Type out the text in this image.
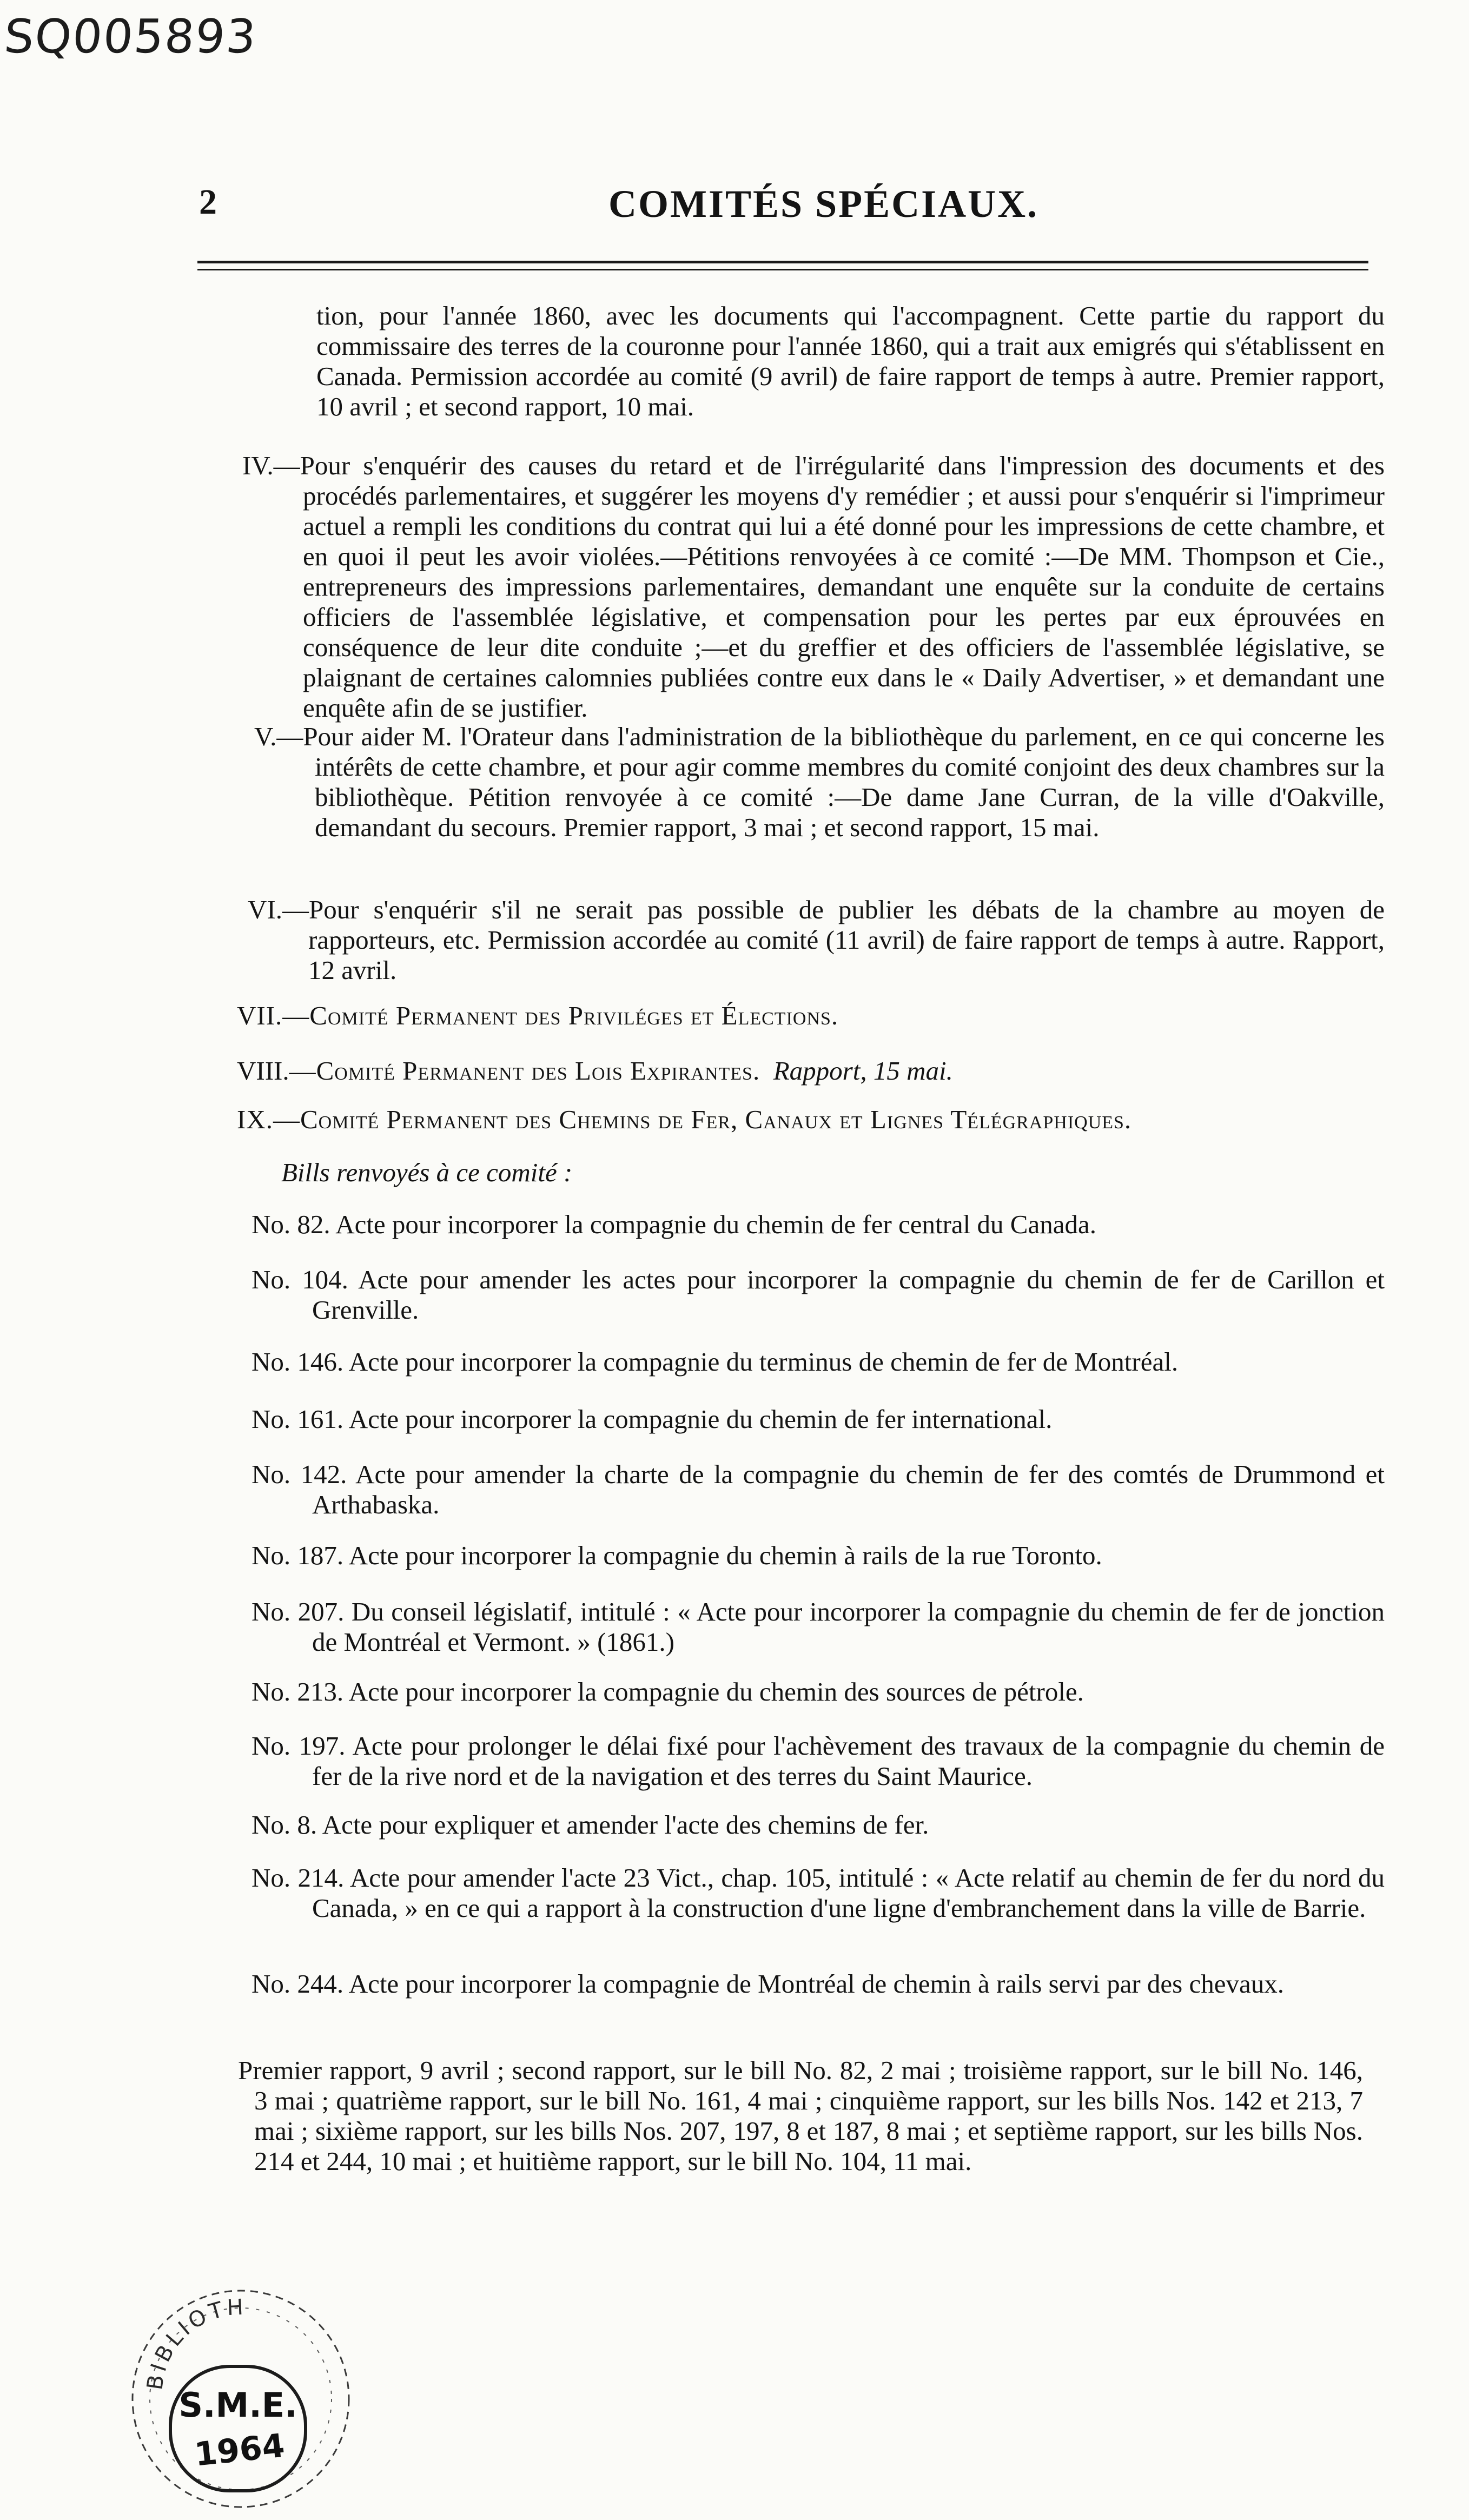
SQ005893
2	COMITÉS SPÉCIAUX.

tion, pour l'année 1860, avec les documents qui l'accompagnent. Cette partie du rapport du commissaire des terres de la couronne pour l'année 1860, qui a trait aux emigrés qui s'établissent en Canada. Permission accordée au comité (9 avril) de faire rapport de temps à autre. Premier rapport, 10 avril ; et second rapport, 10 mai.

IV.—Pour s'enquérir des causes du retard et de l'irrégularité dans l'impression des documents et des procédés parlementaires, et suggérer les moyens d'y remédier ; et aussi pour s'enquérir si l'imprimeur actuel a rempli les conditions du contrat qui lui a été donné pour les impressions de cette chambre, et en quoi il peut les avoir violées.—Pétitions renvoyées à ce comité :—De MM. Thompson et Cie., entrepreneurs des impressions parlementaires, demandant une enquête sur la conduite de certains officiers de l'assemblée législative, et compensation pour les pertes par eux éprouvées en conséquence de leur dite conduite ;—et du greffier et des officiers de l'assemblée législative, se plaignant de certaines calomnies publiées contre eux dans le « Daily Advertiser, » et demandant une enquête afin de se justifier.

V.—Pour aider M. l'Orateur dans l'administration de la bibliothèque du parlement, en ce qui concerne les intérêts de cette chambre, et pour agir comme membres du comité conjoint des deux chambres sur la bibliothèque. Pétition renvoyée à ce comité :—De dame Jane Curran, de la ville d'Oakville, demandant du secours. Premier rapport, 3 mai ; et second rapport, 15 mai.

VI.—Pour s'enquérir s'il ne serait pas possible de publier les débats de la chambre au moyen de rapporteurs, etc. Permission accordée au comité (11 avril) de faire rapport de temps à autre. Rapport, 12 avril.

VII.—Comité Permanent des Priviléges et Élections.

VIII.—Comité Permanent des Lois Expirantes. Rapport, 15 mai.

IX.—Comité Permanent des Chemins de Fer, Canaux et Lignes Télégraphiques.

Bills renvoyés à ce comité :

No. 82. Acte pour incorporer la compagnie du chemin de fer central du Canada.

No. 104. Acte pour amender les actes pour incorporer la compagnie du chemin de fer de Carillon et Grenville.

No. 146. Acte pour incorporer la compagnie du terminus de chemin de fer de Montréal.

No. 161. Acte pour incorporer la compagnie du chemin de fer international.

No. 142. Acte pour amender la charte de la compagnie du chemin de fer des comtés de Drummond et Arthabaska.

No. 187. Acte pour incorporer la compagnie du chemin à rails de la rue Toronto.

No. 207. Du conseil législatif, intitulé : « Acte pour incorporer la compagnie du chemin de fer de jonction de Montréal et Vermont. » (1861.)

No. 213. Acte pour incorporer la compagnie du chemin des sources de pétrole.

No. 197. Acte pour prolonger le délai fixé pour l'achèvement des travaux de la compagnie du chemin de fer de la rive nord et de la navigation et des terres du Saint Maurice.

No. 8. Acte pour expliquer et amender l'acte des chemins de fer.

No. 214. Acte pour amender l'acte 23 Vict., chap. 105, intitulé : « Acte relatif au chemin de fer du nord du Canada, » en ce qui a rapport à la construction d'une ligne d'embranchement dans la ville de Barrie.

No. 244. Acte pour incorporer la compagnie de Montréal de chemin à rails servi par des chevaux.

Premier rapport, 9 avril ; second rapport, sur le bill No. 82, 2 mai ; troisième rapport, sur le bill No. 146, 3 mai ; quatrième rapport, sur le bill No. 161, 4 mai ; cinquième rapport, sur les bills Nos. 142 et 213, 7 mai ; sixième rapport, sur les bills Nos. 207, 197, 8 et 187, 8 mai ; et septième rapport, sur les bills Nos. 214 et 244, 10 mai ; et huitième rapport, sur le bill No. 104, 11 mai.

BIBLIOTH
S.M.E.
1964
